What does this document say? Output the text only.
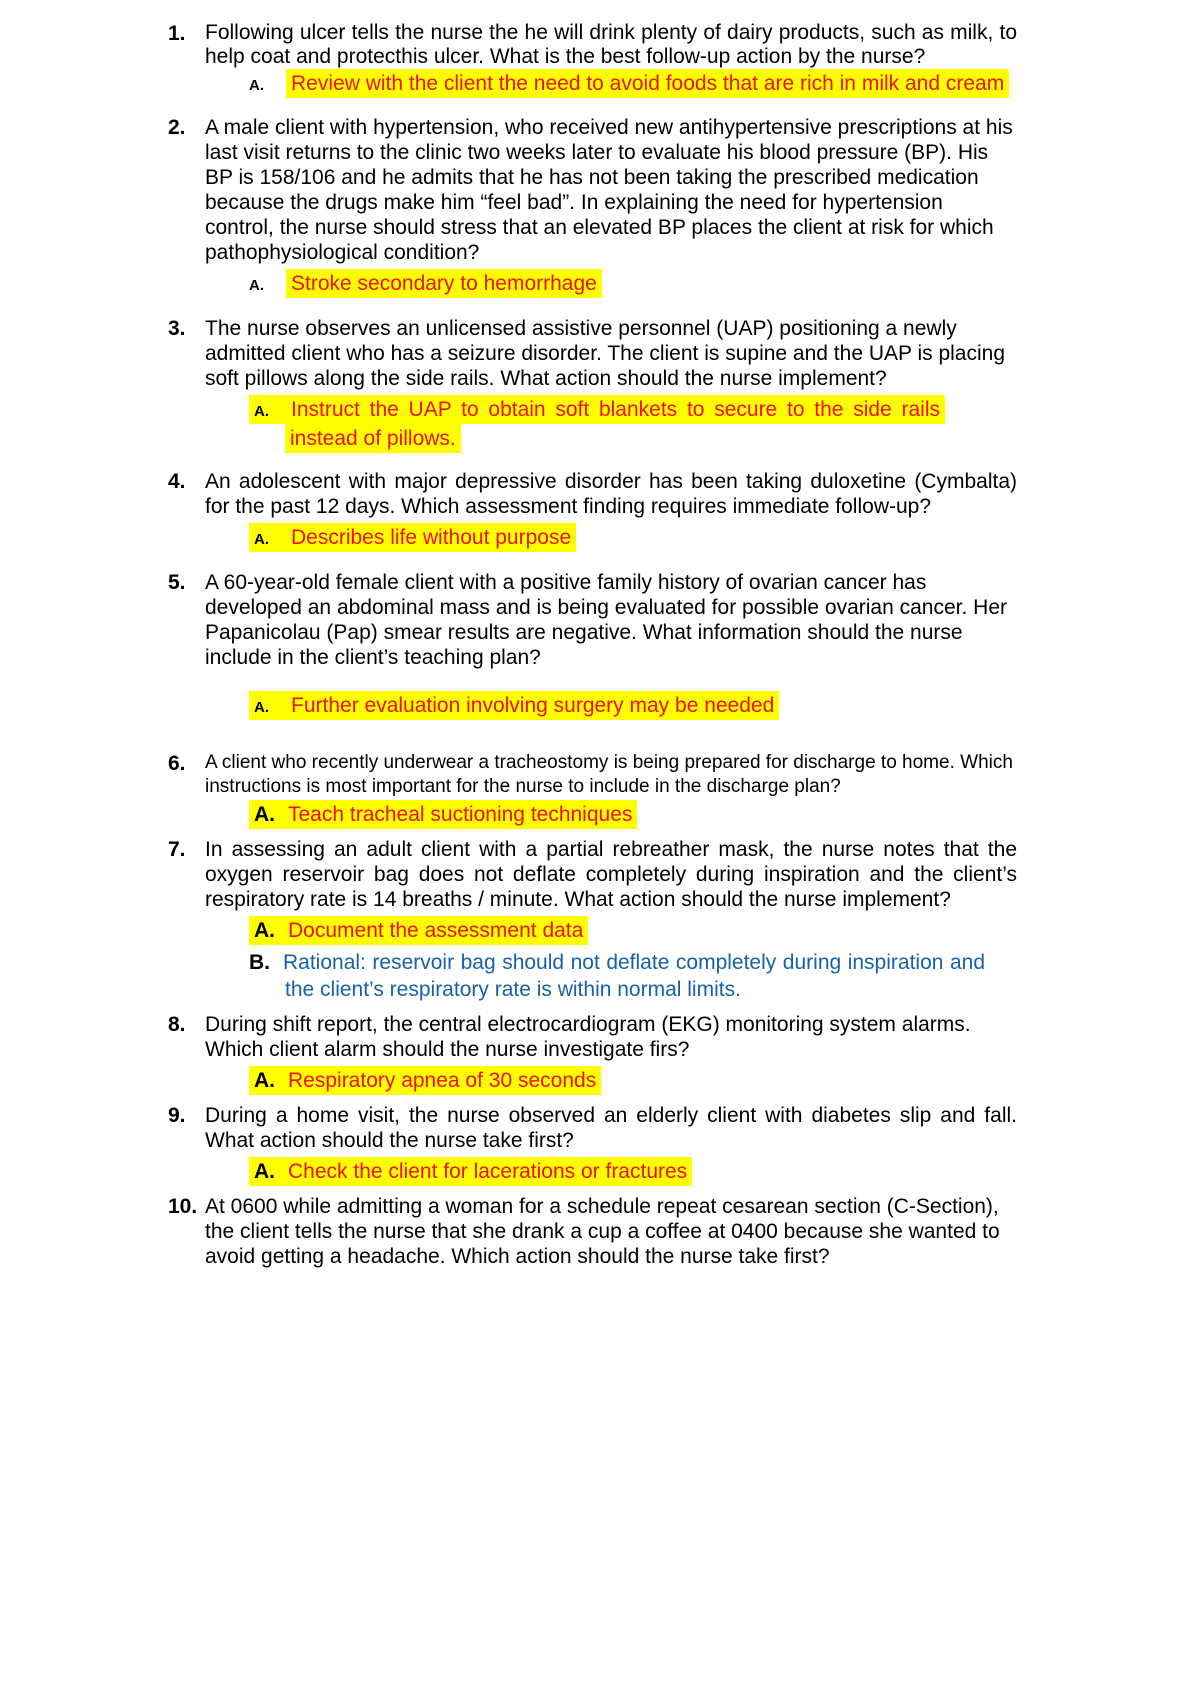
1. Following ulcer tells the nurse the he will drink plenty of dairy products, such as milk, to help coat and protecthis ulcer. What is the best follow-up action by the nurse?

A. Review with the client the need to avoid foods that are rich in milk and cream
2. A male client with hypertension, who received new antihypertensive prescriptions at his last visit returns to the clinic two weeks later to evaluate his blood pressure (BP). His BP is 158/106 and he admits that he has not been taking the prescribed medication because the drugs make him “feel bad”. In explaining the need for hypertension control, the nurse should stress that an elevated BP places the client at risk for which pathophysiological condition?

A. Stroke secondary to hemorrhage
3. The nurse observes an unlicensed assistive personnel (UAP) positioning a newly admitted client who has a seizure disorder. The client is supine and the UAP is placing soft pillows along the side rails. What action should the nurse implement?

A. Instruct the UAP to obtain soft blankets to secure to the side rails instead of pillows.
4. An adolescent with major depressive disorder has been taking duloxetine (Cymbalta) for the past 12 days. Which assessment finding requires immediate follow-up?

A. Describes life without purpose
5. A 60-year-old female client with a positive family history of ovarian cancer has developed an abdominal mass and is being evaluated for possible ovarian cancer. Her Papanicolau (Pap) smear results are negative. What information should the nurse include in the client’s teaching plan?

A. Further evaluation involving surgery may be needed
6.	A client who recently underwear a tracheostomy is being prepared for discharge to home. Which instructions is most important for the nurse to include in the discharge plan?

A. Teach tracheal suctioning techniques
7. In assessing an adult client with a partial rebreather mask, the nurse notes that the oxygen reservoir bag does not deflate completely during inspiration and the client’s respiratory rate is 14 breaths / minute. What action should the nurse implement?

A. Document the assessment data
B. Rational: reservoir bag should not deflate completely during inspiration and the client’s respiratory rate is within normal limits.
8. During shift report, the central electrocardiogram (EKG) monitoring system alarms. Which client alarm should the nurse investigate firs?

A. Respiratory apnea of 30 seconds
9. During a home visit, the nurse observed an elderly client with diabetes slip and fall. What action should the nurse take first?

A. Check the client for lacerations or fractures
10. At 0600 while admitting a woman for a schedule repeat cesarean section (C-Section), the client tells the nurse that she drank a cup a coffee at 0400 because she wanted to avoid getting a headache. Which action should the nurse take first?
